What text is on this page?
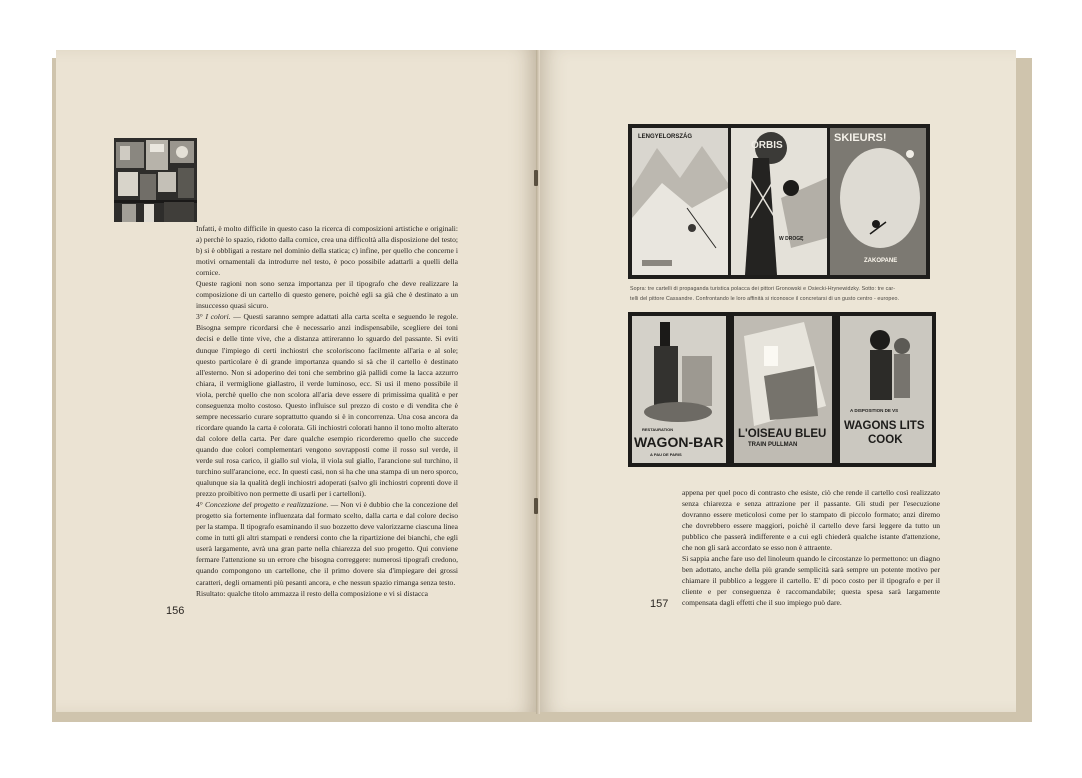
Infatti, è molto difficile in questo caso la ricerca di composizioni artistiche e originali: a) perchè lo spazio, ridotto dalla cornice, crea una difficoltà alla disposizione del testo; b) si è obbligati a restare nel dominio della statica; c) infine, per quello che concerne i motivi ornamentali da introdurre nel testo, è poco possibile adattarli a quelli della cornice.

Queste ragioni non sono senza importanza per il tipografo che deve realizzare la composizione di un cartello di questo genere, poichè egli sa già che è destinato a un insuccesso quasi sicuro.

3° I colori. — Questi saranno sempre adattati alla carta scelta e seguendo le regole. Bisogna sempre ricordarsi che è necessario anzi indispensabile, scegliere dei toni decisi e delle tinte vive, che a distanza attireranno lo sguardo del passante. Si eviti dunque l'impiego di certi inchiostri che scoloriscono facilmente all'aria e al sole; questo particolare è di grande importanza quando si sà che il cartello è destinato all'esterno. Non si adoperino dei toni che sembrino già pallidi come la lacca azzurro chiara, il vermiglione giallastro, il verde luminoso, ecc. Si usi il meno possibile il viola, perchè quello che non scolora all'aria deve essere di primissima qualità e per conseguenza molto costoso. Questo influisce sul prezzo di costo e di vendita che è sempre necessario curare soprattutto quando si è in concorrenza. Una cosa ancora da ricordare quando la carta è colorata. Gli inchiostri colorati hanno il tono molto alterato dal colore della carta. Per dare qualche esempio ricorderemo quello che succede quando due colori complementari vengono sovrapposti come il rosso sul verde, il verde sul rosa carico, il giallo sul viola, il viola sul giallo, l'arancione sul turchino, il turchino sull'arancione, ecc. In questi casi, non si ha che una stampa di un nero sporco, qualunque sia la qualità degli inchiostri adoperati (salvo gli inchiostri coprenti dove il prezzo proibitivo non permette di usarli per i cartelloni).

4° Concezione del progetto e realizzazione. — Non vi è dubbio che la concezione del progetto sia fortemente influenzata dal formato scelto, dalla carta e dal colore deciso per la stampa. Il tipografo esaminando il suo bozzetto deve valorizzarne ciascuna linea come in tutti gli altri stampati e rendersi conto che la ripartizione dei bianchi, che egli userà largamente, avrà una gran parte nella chiarezza del suo progetto. Qui conviene fermare l'attenzione su un errore che bisogna correggere: numerosi tipografi credono, quando compongono un cartellone, che il primo dovere sia d'impiegare dei grossi caratteri, degli ornamenti più pesanti ancora, e che nessun spazio rimanga senza testo.

Risultato: qualche titolo ammazza il resto della composizione e vi si distacca

156
LENGYELORSZÁG
ORBIS
W DROGĘ
SKIEURS!
ZAKOPANE
Sopra: tre cartelli di propaganda turistica polacca dei pittori Gronowski e Osiecki-Hrynewidzky. Sotto: tre car-
telli del pittore Cassandre. Confrontando le loro affinità si riconosce il concretarsi di un gusto centro - europeo.
RESTAURATION
WAGON-BAR
A PAU DE PARIS
L'OISEAU BLEU
TRAIN PULLMAN
A DISPOSITION DE VS
WAGONS LITS
COOK

appena per quel poco di contrasto che esiste, ciò che rende il cartello così realizzato senza chiarezza e senza attrazione per il passante. Gli studi per l'esecuzione dovranno essere meticolosi come per lo stampato di piccolo formato; anzi diremo che dovrebbero essere maggiori, poichè il cartello deve farsi leggere da tutto un pubblico che passerà indifferente e a cui egli chiederà qualche istante d'attenzione, che non gli sarà accordato se esso non è attraente.

Si sappia anche fare uso del linoleum quando le circostanze lo permettono: un diagno ben adottato, anche della più grande semplicità sarà sempre un potente motivo per chiamare il pubblico a leggere il cartello. E' di poco costo per il tipografo e per il cliente e per conseguenza è raccomandabile; questa spesa sarà largamente compensata dagli effetti che il suo impiego può dare.

157
